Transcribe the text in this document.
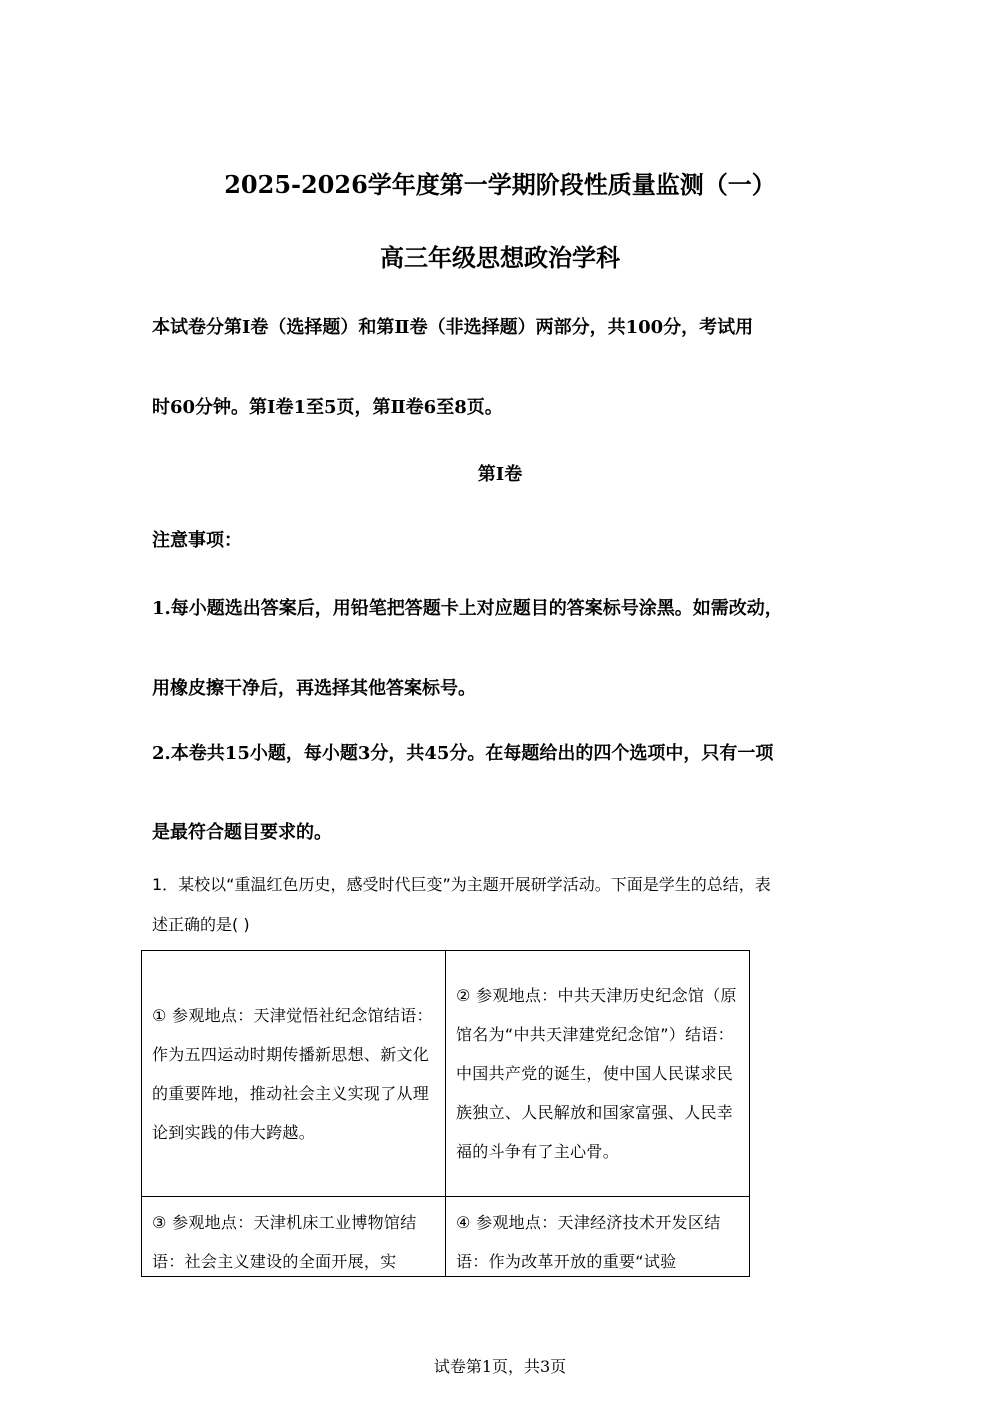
2025-2026学年度第一学期阶段性质量监测（一）
高三年级思想政治学科

本试卷分第Ⅰ卷（选择题）和第Ⅱ卷（非选择题）两部分，共100分，考试用

时60分钟。第Ⅰ卷1至5页，第Ⅱ卷6至8页。

第Ⅰ卷

注意事项：

1.每小题选出答案后，用铅笔把答题卡上对应题目的答案标号涂黑。如需改动，

用橡皮擦干净后，再选择其他答案标号。

2.本卷共15小题，每小题3分，共45分。在每题给出的四个选项中，只有一项

是最符合题目要求的。

1．某校以“重温红色历史，感受时代巨变”为主题开展研学活动。下面是学生的总结，表

述正确的是( )

① 参观地点：天津觉悟社纪念馆结语：作为五四运动时期传播新思想、新文化的重要阵地，推动社会主义实现了从理论到实践的伟大跨越。

② 参观地点：中共天津历史纪念馆（原馆名为“中共天津建党纪念馆”）结语：中国共产党的诞生，使中国人民谋求民族独立、人民解放和国家富强、人民幸福的斗争有了主心骨。

③ 参观地点：天津机床工业博物馆结语：社会主义建设的全面开展，实

④ 参观地点：天津经济技术开发区结语：作为改革开放的重要“试验

试卷第1页，共3页
